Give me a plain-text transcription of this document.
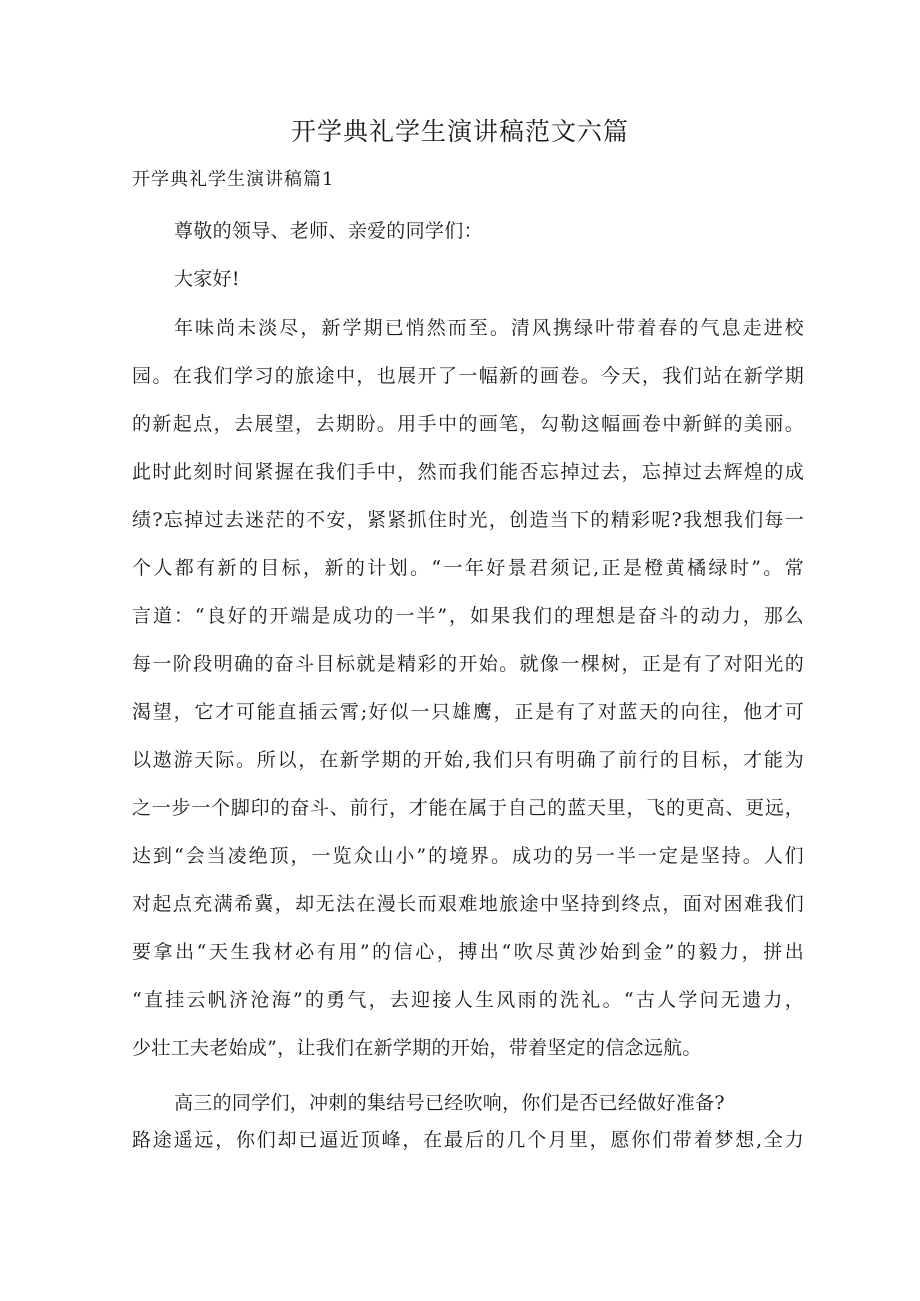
开学典礼学生演讲稿范文六篇
开学典礼学生演讲稿篇1
尊敬的领导、老师、亲爱的同学们：
大家好!
年味尚未淡尽，新学期已悄然而至。清风携绿叶带着春的气息走进校
园。在我们学习的旅途中，也展开了一幅新的画卷。今天，我们站在新学期
的新起点，去展望，去期盼。用手中的画笔，勾勒这幅画卷中新鲜的美丽。
此时此刻时间紧握在我们手中，然而我们能否忘掉过去，忘掉过去辉煌的成
绩?忘掉过去迷茫的不安，紧紧抓住时光，创造当下的精彩呢?我想我们每一
个人都有新的目标，新的计划。“一年好景君须记,正是橙黄橘绿时”。常
言道：“良好的开端是成功的一半”，如果我们的理想是奋斗的动力，那么
每一阶段明确的奋斗目标就是精彩的开始。就像一棵树，正是有了对阳光的
渴望，它才可能直插云霄;好似一只雄鹰，正是有了对蓝天的向往，他才可
以遨游天际。所以，在新学期的开始,我们只有明确了前行的目标，才能为
之一步一个脚印的奋斗、前行，才能在属于自己的蓝天里，飞的更高、更远，
达到“会当凌绝顶，一览众山小”的境界。成功的另一半一定是坚持。人们
对起点充满希冀，却无法在漫长而艰难地旅途中坚持到终点，面对困难我们
要拿出“天生我材必有用”的信心，搏出“吹尽黄沙始到金”的毅力，拼出
“直挂云帆济沧海”的勇气，去迎接人生风雨的洗礼。“古人学问无遗力，
少壮工夫老始成”，让我们在新学期的开始，带着坚定的信念远航。
高三的同学们，冲刺的集结号已经吹响，你们是否已经做好准备?
路途遥远，你们却已逼近顶峰，在最后的几个月里，愿你们带着梦想,全力
